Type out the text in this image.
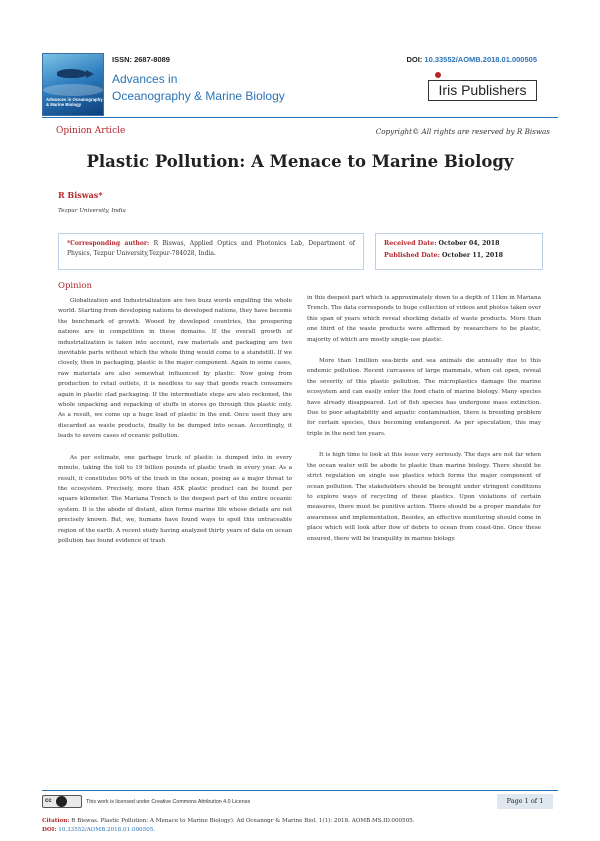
Advances in Oceanography & Marine Biology
ISSN: 2687-8089
Advances in
Oceanography & Marine Biology
DOI: 10.33552/AOMB.2018.01.000505
Iris Publishers
Opinion Article	Copyright© All rights are reserved by R Biswas
Plastic Pollution: A Menace to Marine Biology
R Biswas*
Tezpur University, India
*Corresponding author: R Biswas, Applied Optics and Photonics Lab, Department of Physics, Tezpur University,Tezpur-784028, India.
Received Date: October 04, 2018
Published Date: October 11, 2018
Opinion

Globalization and Industrialization are two buzz words engulfing the whole world. Starting from developing nations to developed nations, they have become the benchmark of growth. Wooed by developed countries, the prospering nations are in competition in these domains. If the overall growth of industrialization is taken into account, raw materials and packaging are two inevitable parts without which the whole thing would come to a standstill. If we closely, then in packaging, plastic is the major component. Again in some cases, raw materials are also somewhat influenced by plastic. Now going from production to retail outlets, it is needless to say that goods reach consumers again in plastic clad packaging. If the intermediate steps are also reckoned, the whole unpacking and repacking of stuffs in stores go through this plastic only. As a result, we come up a huge load of plastic in the end. Once used they are discarded as waste products, finally to be dumped into ocean. Accordingly, it leads to severe cases of oceanic pollution.

As per estimate, one garbage truck of plastic is dumped into in every minute, taking the toll to 19 billion pounds of plastic trash in every year. As a result, it constitutes 90% of the trash in the ocean, posing as a major threat to the ecosystem. Precisely, more than 45K plastic product can be found per square kilometer. The Mariana Trench is the deepest part of the entire oceanic system. It is the abode of distant, alien forms marine life whose details are not precisely known. But, we, humans have found ways to spoil this untraceable region of the earth. A recent study having analyzed thirty years of data on ocean pollution has found evidence of trash

in this deepest part which is approximately down to a depth of 11km in Mariana Trench. The data corresponds to huge collection of videos and photos taken over this span of years which reveal shocking details of waste products. More than one third of the waste products were affirmed by researchers to be plastic, majority of which are mostly single-use plastic.

More than 1million sea-birds and sea animals die annually due to this endemic pollution. Recent carcasses of large mammals, when cut open, reveal the severity of this plastic pollution. The microplastics damage the marine ecosystem and can easily enter the food chain of marine biology. Many species have already disappeared. Lot of fish species has undergone mass extinction. Due to poor adaptability and aquatic contamination, there is breeding problem for certain species, thus becoming endangered. As per speculation, this may triple in the next ten years.

It is high time to look at this issue very seriously. The days are not far when the ocean water will be abode to plastic than marine biology. There should be strict regulation on single use plastics which forms the major component of ocean pollution. The stakeholders should be brought under stringent conditions to explore ways of recycling of these plastics. Upon violations of certain measures, there must be punitive action. There should be a proper mandate for awareness and implementation. Besides, an effective monitoring should come in place which will look after flow of debris to ocean from coast-line. Once these ensured, there will be tranquility in marine biology.

cc	This work is licensed under Creative Commons Attribution 4.0 License	Page 1 of 1
Citation: R Biswas. Plastic Pollution: A Menace to Marine Biology). Ad Oceanogr & Marine Biol. 1(1): 2018. AOMB.MS.ID.000505.
DOI: 10.33552/AOMB.2018.01.000505.
